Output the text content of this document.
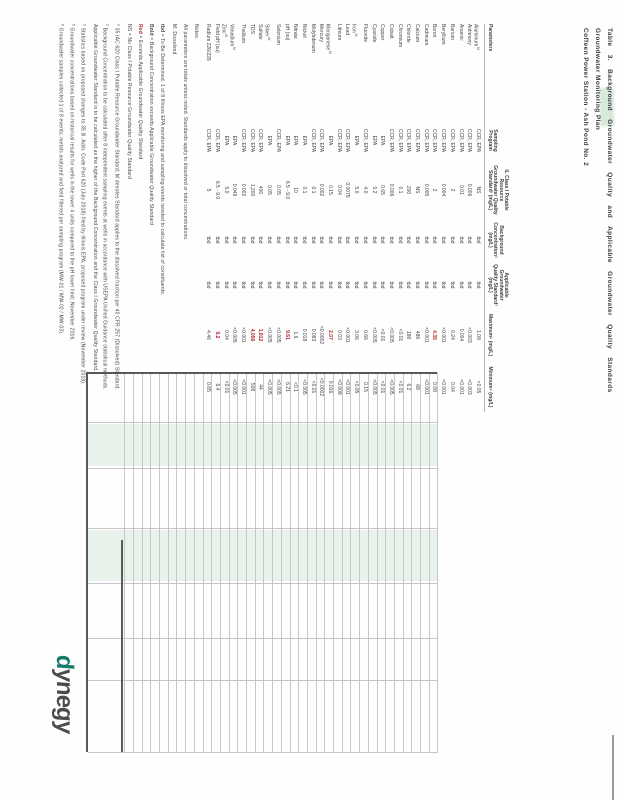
Table 3. Background Groundwater Quality and Applicable Groundwater Quality Standards
Groundwater Monitoring Plan
Coffeen Power Station - Ash Pond No. 2
Parameters
Sampling Program
IL Class I Potable Resource Groundwater Quality Standard¹ (mg/L)
Background Concentration² (mg/L)
Applicable Groundwater Quality Standard³ (mg/L)
Maximum⁵ (mg/L)
Minimum⁵ (mg/L)
Aluminum $^M$
CCR, EPA
NS
tbd
tbd
1.08
<0.05
Antimony
CCR, EPA
0.006
tbd
tbd
<0.003
<0.003
Arsenic
CCR, EPA
0.01
tbd
tbd
0.004
<0.001
Barium
CCR, EPA
2
tbd
tbd
0.24
0.04
Beryllium
CCR, EPA
0.004
tbd
tbd
<0.001
<0.001
Boron
CCR, EPA
2
tbd
tbd
4.35
0.08
Cadmium
CCR, EPA
0.005
tbd
tbd
<0.001
<0.001
Calcium
CCR, EPA
NS
tbd
tbd
486
68
Chloride
CCR, EPA
200
tbd
tbd
188
6.2
Chromium
CCR, EPA
0.1
tbd
tbd
<0.01
<0.01
Cobalt
CCR, EPA
0.006
tbd
tbd
<0.005
<0.005
Copper
EPA
0.65
tbd
tbd
<0.01
<0.01
Cyanide
EPA
0.2
tbd
tbd
<0.005
<0.005
Fluoride
CCR, EPA
4.0
tbd
tbd
0.66
0.15
Iron $^M$
EPA
5.0
tbd
tbd
3.06
<0.05
Lead
CCR, EPA
0.0075
tbd
tbd
<0.001
<0.001
Lithium
CCR, EPA
0.04
tbd
tbd
0.03
<0.008
Manganese $^M$
EPA
0.15
tbd
tbd
2.07
0.016
Mercury
CCR, EPA
0.002
tbd
tbd
<0.0002
<0.0002
Molybdenum
CCR, EPA
0.1
tbd
tbd
0.083
<0.01
Nickel
EPA
0.1
tbd
tbd
0.018
<0.005
Nitrate
EPA
10
tbd
tbd
1.6
<0.1
pH (su)
EPA
6.5 - 9.0
tbd
tbd
9.61
6.21
Selenium
CCR, EPA
0.05
tbd
tbd
<0.005
<0.005
Silver $^M$
EPA
0.05
tbd
tbd
<0.005
<0.005
Sulfate
CCR, EPA
400
tbd
tbd
1,812
44
TDS
CCR, EPA
1,200
tbd
tbd
4,056
508
Thallium
CCR, EPA
0.002
tbd
tbd
<0.001
<0.001
Vanadium $^M$
EPA
0.049
tbd
tbd
<0.005
<0.005
Zinc $^M$
EPA
5.0
tbd
tbd
0.04
<0.01
Field pH (su)
CCR, EPA
6.5 - 9.0
tbd
tbd
9.2
6.4
Radium 226/228
CCR, EPA
5
tbd
tbd
4.46
0.65
Notes:
All parameters are totals unless noted. Standards apply to dissolved or total concentrations.
M: Dissolved
tbd = To Be Determined. 1 of 8 Illinois EPA monitoring and sampling events needed to calculate list of constituents.
Bold = Background Concentration exceeds Applicable Groundwater Quality Standard
Red = Exceeds Applicable Groundwater Quality Standard
NS = No Class I Potable Resource Groundwater Quality Standard
$^1$ 35 IAC 620 Class I Potable Resource Groundwater Standard; M denotes Standard applies to the dissolved fraction per 40 CFR 257 (Dissolved) Standard.
$^2$ Background Concentration to be calculated after 8 independent sampling events at wells in accordance with USEPA Unified Guidance statistical methods.
Applicable Groundwater Standard is to be calculated as the higher of the Background Concentration and the Class I Groundwater Quality Standard.
$^3$ Statistics based on proposed changes to 35 Ill. Adm. Code Part 620 (July 2018) filed by Illinois EPA; proposed program under review (November 2018).
$^5$ Groundwater concentrations based on historical results for wells in the lower 4 units compared to the pH lower limit; November 2016.
$^6$ Groundwater samples collected 1 of 8 events; metals analyzed and field filtered per sampling program (MW-01 / MW-02 / MW-03).
dynegy
